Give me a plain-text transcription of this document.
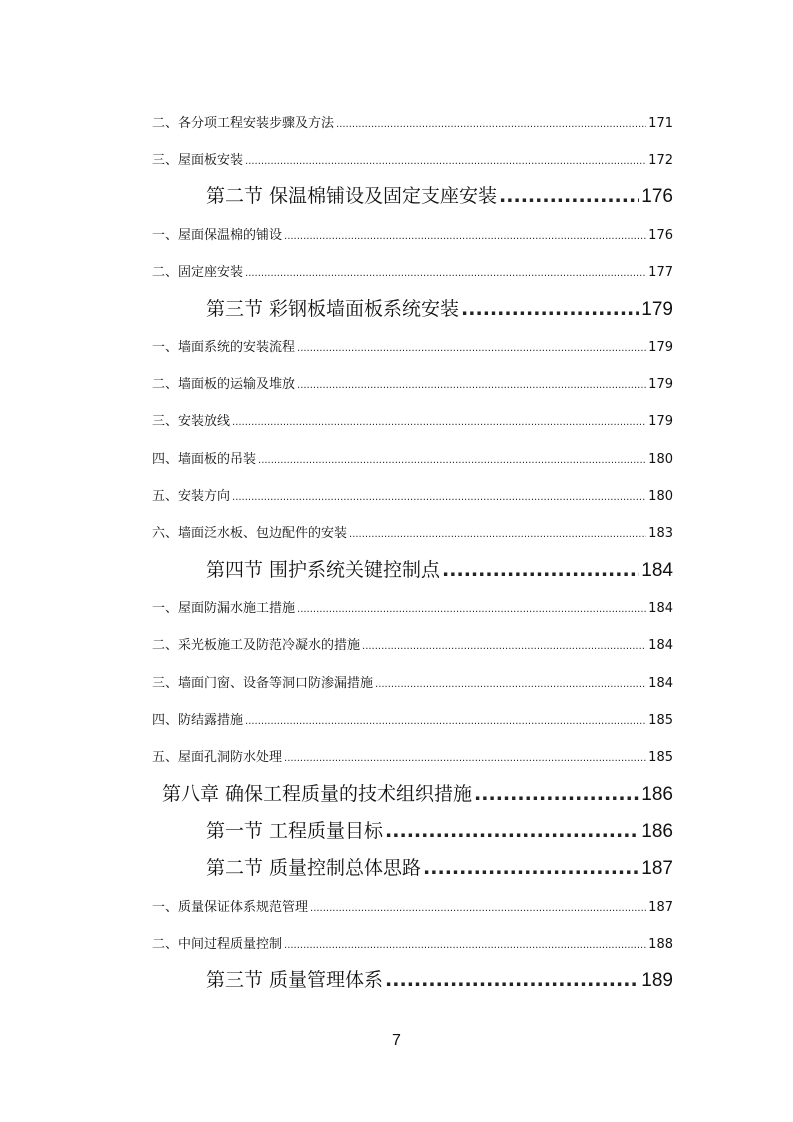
二、各分项工程安装步骤及方法 .....	171
三、屋面板安装 .....	172
第二节 保温棉铺设及固定支座安装 .....	176
一、屋面保温棉的铺设 .....	176
二、固定座安装 .....	177
第三节 彩钢板墙面板系统安装 .....	179
一、墙面系统的安装流程 .....	179
二、墙面板的运输及堆放 .....	179
三、安装放线 .....	179
四、墙面板的吊装 .....	180
五、安装方向 .....	180
六、墙面泛水板、包边配件的安装 .....	183
第四节 围护系统关键控制点 .....	184
一、屋面防漏水施工措施 .....	184
二、采光板施工及防范冷凝水的措施 .....	184
三、墙面门窗、设备等洞口防渗漏措施 .....	184
四、防结露措施 .....	185
五、屋面孔洞防水处理 .....	185
第八章 确保工程质量的技术组织措施 .....	186
第一节 工程质量目标 .....	186
第二节 质量控制总体思路 .....	187
一、质量保证体系规范管理 .....	187
二、中间过程质量控制 .....	188
第三节 质量管理体系 .....	189
7
